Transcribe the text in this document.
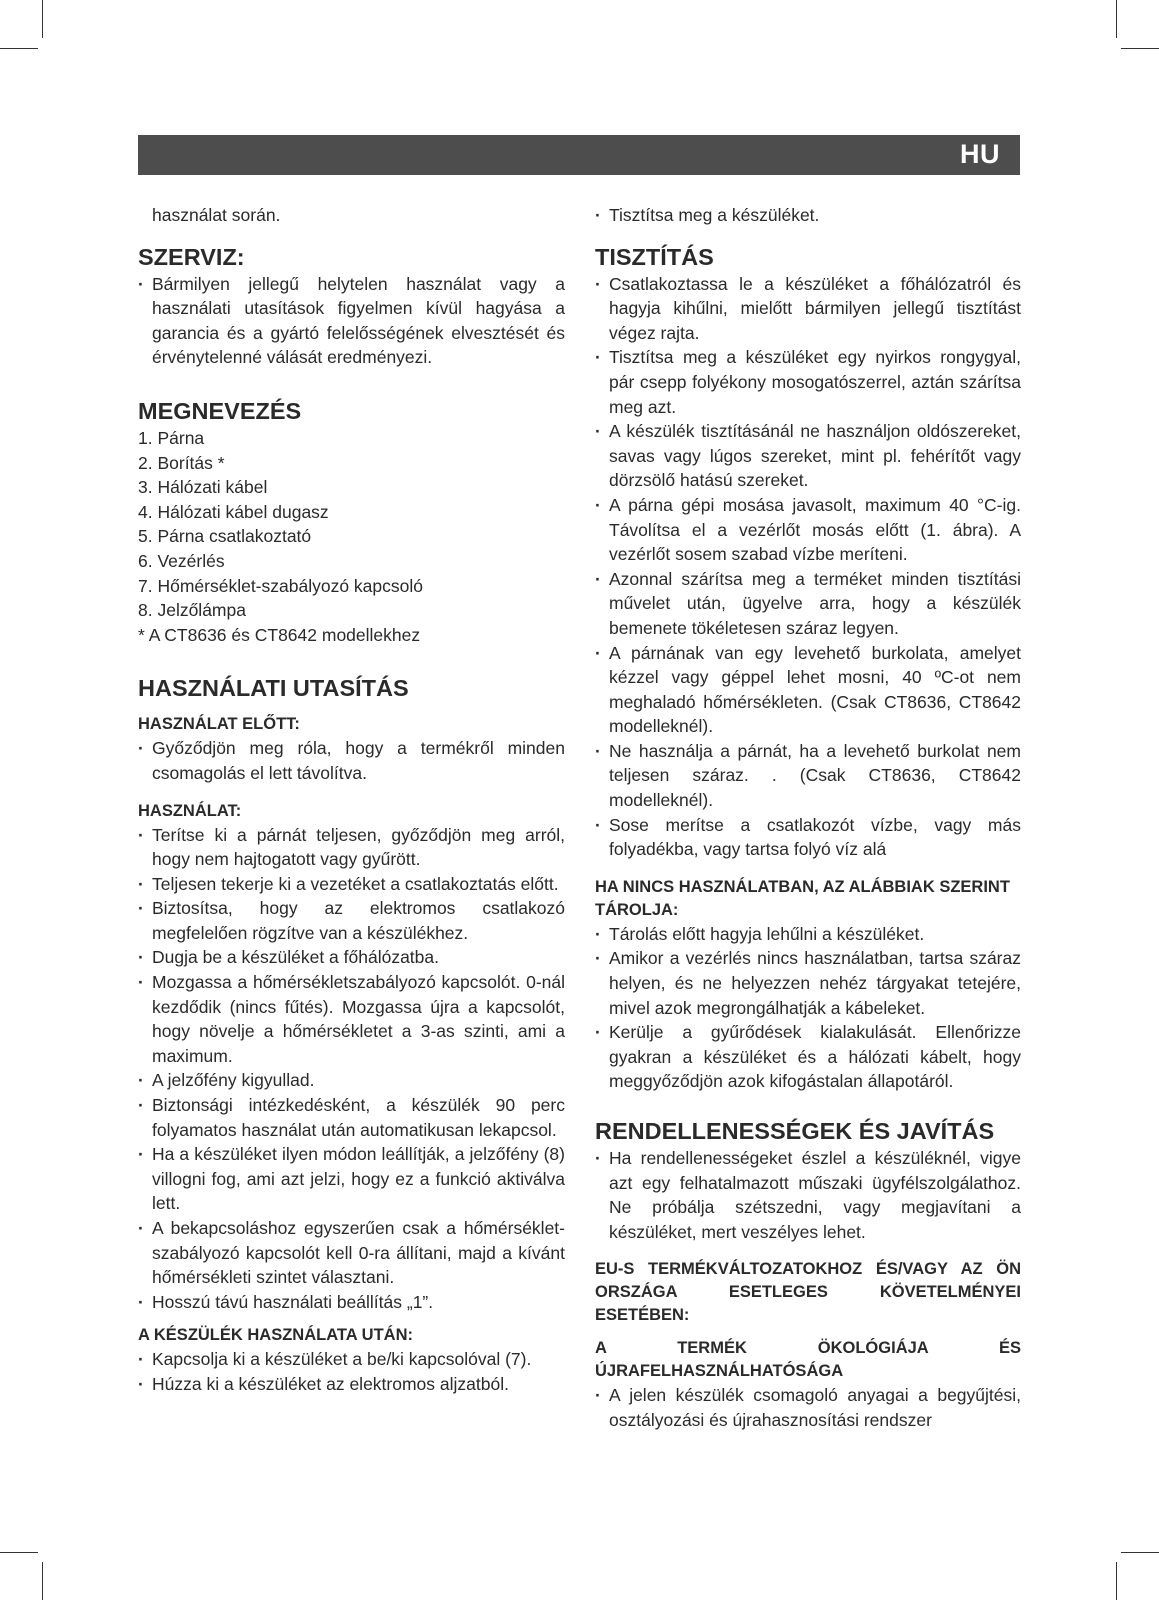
HU

használat során.

SZERVIZ:
· Bármilyen jellegű helytelen használat vagy a használati utasítások figyelmen kívül hagyása a garancia és a gyártó felelősségének elvesztését és érvénytelenné válását eredményezi.
MEGNEVEZÉS
1. Párna
2. Borítás *
3. Hálózati kábel
4. Hálózati kábel dugasz
5. Párna csatlakoztató
6. Vezérlés
7. Hőmérséklet-szabályozó kapcsoló
8. Jelzőlámpa
* A CT8636 és CT8642 modellekhez
HASZNÁLATI UTASÍTÁS
HASZNÁLAT ELŐTT:
· Győződjön meg róla, hogy a termékről minden csomagolás el lett távolítva.
HASZNÁLAT:
· Terítse ki a párnát teljesen, győződjön meg arról, hogy nem hajtogatott vagy gyűrött.
· Teljesen tekerje ki a vezetéket a csatlakoztatás előtt.
· Biztosítsa, hogy az elektromos csatlakozó megfelelően rögzítve van a készülékhez.
· Dugja be a készüléket a főhálózatba.
· Mozgassa a hőmérsékletszabályozó kapcsolót. 0-nál kezdődik (nincs fűtés). Mozgassa újra a kapcsolót, hogy növelje a hőmérsékletet a 3-as szinti, ami a maximum.
· A jelzőfény kigyullad.
· Biztonsági intézkedésként, a készülék 90 perc folyamatos használat után automatikusan lekapcsol.
· Ha a készüléket ilyen módon leállítják, a jelzőfény (8) villogni fog, ami azt jelzi, hogy ez a funkció aktiválva lett.
· A bekapcsoláshoz egyszerűen csak a hőmérséklet-szabályozó kapcsolót kell 0-ra állítani, majd a kívánt hőmérsékleti szintet választani.
· Hosszú távú használati beállítás „1”.
A KÉSZÜLÉK HASZNÁLATA UTÁN:
· Kapcsolja ki a készüléket a be/ki kapcsolóval (7).
· Húzza ki a készüléket az elektromos aljzatból.
· Tisztítsa meg a készüléket.
TISZTÍTÁS
· Csatlakoztassa le a készüléket a főhálózatról és hagyja kihűlni, mielőtt bármilyen jellegű tisztítást végez rajta.
· Tisztítsa meg a készüléket egy nyirkos rongygyal, pár csepp folyékony mosogatószerrel, aztán szárítsa meg azt.
· A készülék tisztításánál ne használjon oldószereket, savas vagy lúgos szereket, mint pl. fehérítőt vagy dörzsölő hatású szereket.
· A párna gépi mosása javasolt, maximum 40 °C-ig. Távolítsa el a vezérlőt mosás előtt (1. ábra). A vezérlőt sosem szabad vízbe meríteni.
· Azonnal szárítsa meg a terméket minden tisztítási művelet után, ügyelve arra, hogy a készülék bemenete tökéletesen száraz legyen.
· A párnának van egy levehető burkolata, amelyet kézzel vagy géppel lehet mosni, 40 ºC-ot nem meghaladó hőmérsékleten. (Csak CT8636, CT8642 modelleknél).
· Ne használja a párnát, ha a levehető burkolat nem teljesen száraz. . (Csak CT8636, CT8642 modelleknél).
· Sose merítse a csatlakozót vízbe, vagy más folyadékba, vagy tartsa folyó víz alá
HA NINCS HASZNÁLATBAN, AZ ALÁBBIAK SZERINT TÁROLJA:
· Tárolás előtt hagyja lehűlni a készüléket.
· Amikor a vezérlés nincs használatban, tartsa száraz helyen, és ne helyezzen nehéz tárgyakat tetejére, mivel azok megrongálhatják a kábeleket.
· Kerülje a gyűrődések kialakulását. Ellenőrizze gyakran a készüléket és a hálózati kábelt, hogy meggyőződjön azok kifogástalan állapotáról.
RENDELLENESSÉGEK ÉS JAVÍTÁS
· Ha rendellenességeket észlel a készüléknél, vigye azt egy felhatalmazott műszaki ügyfélszolgálathoz. Ne próbálja szétszedni, vagy megjavítani a készüléket, mert veszélyes lehet.
EU-S TERMÉKVÁLTOZATOKHOZ ÉS/VAGY AZ ÖN ORSZÁGA ESETLEGES KÖVETELMÉNYEI ESETÉBEN:
A TERMÉK ÖKOLÓGIÁJA ÉS ÚJRAFELHASZNÁLHATÓSÁGA
· A jelen készülék csomagoló anyagai a begyűjtési, osztályozási és újrahasznosítási rendszer
